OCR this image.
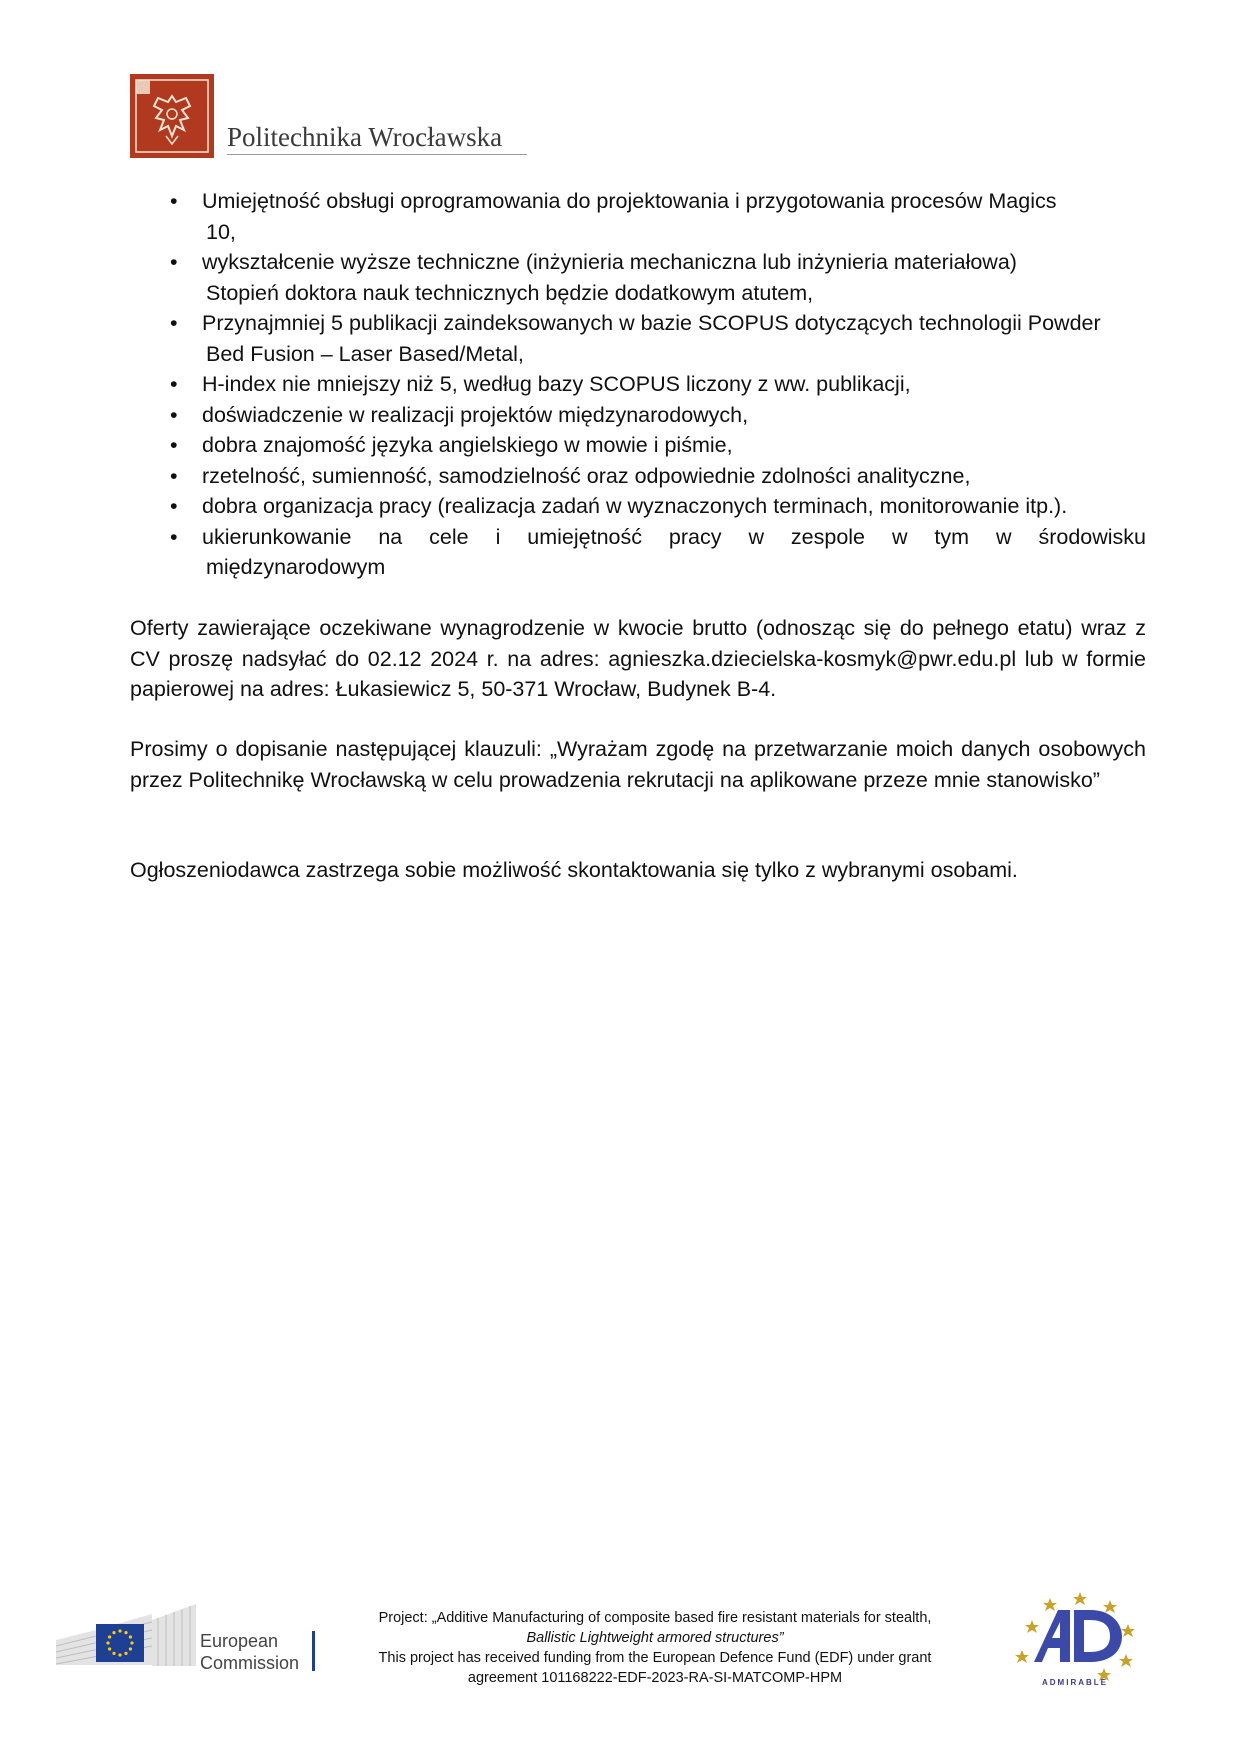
Politechnika Wrocławska
• Umiejętność obsługi oprogramowania do projektowania i przygotowania procesów Magics
10,
• wykształcenie wyższe techniczne (inżynieria mechaniczna lub inżynieria materiałowa)
Stopień doktora nauk technicznych będzie dodatkowym atutem,
• Przynajmniej 5 publikacji zaindeksowanych w bazie SCOPUS dotyczących technologii Powder
Bed Fusion – Laser Based/Metal,
• H-index nie mniejszy niż 5, według bazy SCOPUS liczony z ww. publikacji,
• doświadczenie w realizacji projektów międzynarodowych,
• dobra znajomość języka angielskiego w mowie i piśmie,
• rzetelność, sumienność, samodzielność oraz odpowiednie zdolności analityczne,
• dobra organizacja pracy (realizacja zadań w wyznaczonych terminach, monitorowanie itp.).
• ukierunkowanie na cele i umiejętność pracy w zespole w tym w środowisku
międzynarodowym

Oferty zawierające oczekiwane wynagrodzenie w kwocie brutto (odnosząc się do pełnego etatu) wraz z CV proszę nadsyłać do 02.12 2024 r. na adres: agnieszka.dziecielska-kosmyk@pwr.edu.pl lub w formie papierowej na adres: Łukasiewicz 5, 50-371 Wrocław, Budynek B-4.

Prosimy o dopisanie następującej klauzuli: „Wyrażam zgodę na przetwarzanie moich danych osobowych przez Politechnikę Wrocławską w celu prowadzenia rekrutacji na aplikowane przeze mnie stanowisko”

Ogłoszeniodawca zastrzega sobie możliwość skontaktowania się tylko z wybranymi osobami.

European
Commission
Project: „Additive Manufacturing of composite based fire resistant materials for stealth,
Ballistic Lightweight armored structures”
This project has received funding from the European Defence Fund (EDF) under grant
agreement 101168222-EDF-2023-RA-SI-MATCOMP-HPM	ADMIRABLE
